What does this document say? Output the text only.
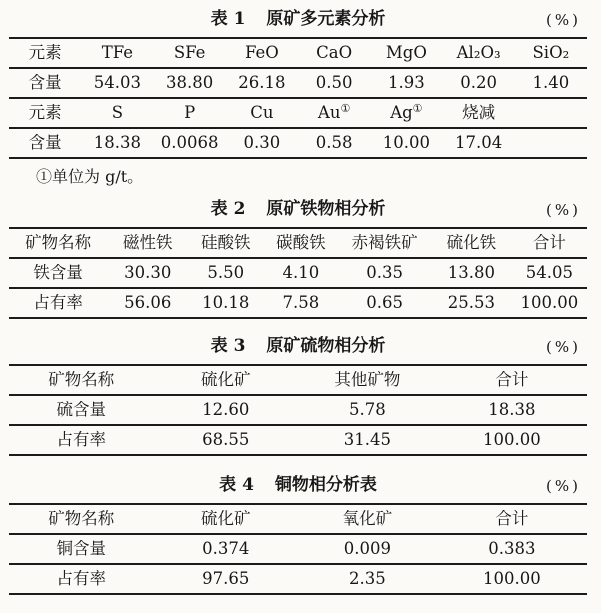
表 1 原矿多元素分析	(%)
元素	TFe	SFe	FeO	CaO	MgO	Al₂O₃	SiO₂
含量	54.03	38.80	26.18	0.50	1.93	0.20	1.40
元素	S	P	Cu	Au①	Ag①	烧减	
含量	18.38	0.0068	0.30	0.58	10.00	17.04	

①单位为 g/t。

表 2 原矿铁物相分析	(%)
矿物名称	磁性铁	硅酸铁	碳酸铁	赤褐铁矿	硫化铁	合计
铁含量	30.30	5.50	4.10	0.35	13.80	54.05
占有率	56.06	10.18	7.58	0.65	25.53	100.00
表 3 原矿硫物相分析	(%)
矿物名称	硫化矿	其他矿物	合计
硫含量	12.60	5.78	18.38
占有率	68.55	31.45	100.00
表 4 铜物相分析表	(%)
矿物名称	硫化矿	氧化矿	合计
铜含量	0.374	0.009	0.383
占有率	97.65	2.35	100.00
